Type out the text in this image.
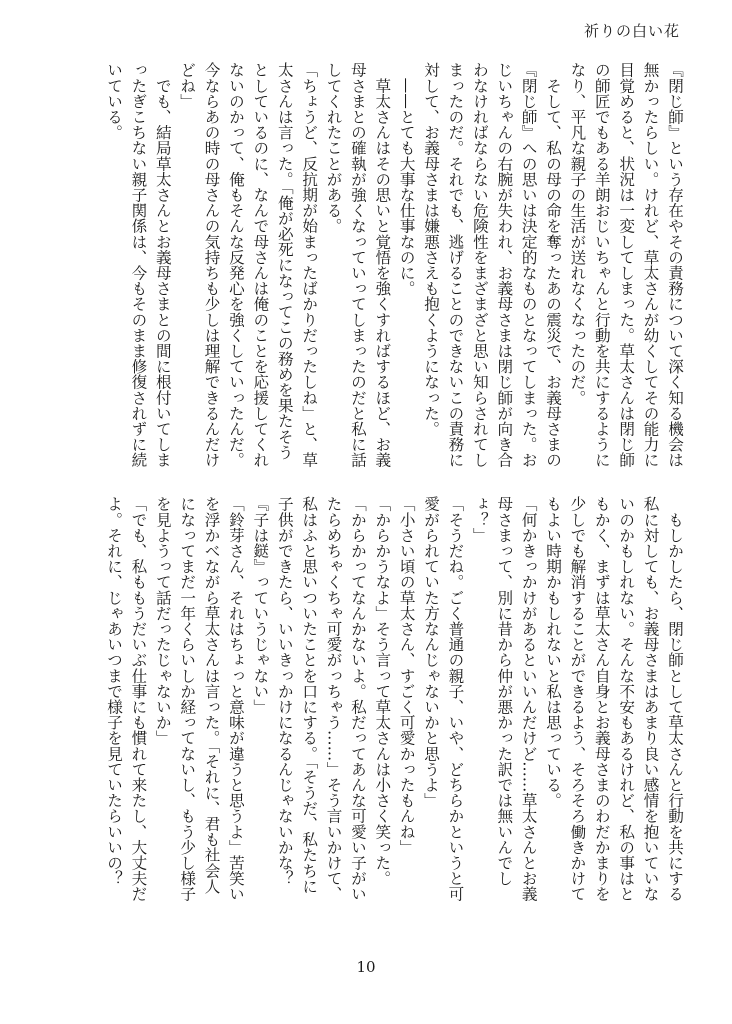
祈りの白い花
『閉じ師』という存在やその責務について深く知る機会は
無かったらしい。けれど、草太さんが幼くしてその能力に
目覚めると、状況は一変してしまった。草太さんは閉じ師
の師匠でもある羊朗おじいちゃんと行動を共にするように
なり、平凡な親子の生活が送れなくなったのだ。
　そして、私の母の命を奪ったあの震災で、お義母さまの
『閉じ師』への思いは決定的なものとなってしまった。お
じいちゃんの右腕が失われ、お義母さまは閉じ師が向き合
わなければならない危険性をまざまざと思い知らされてし
まったのだ。それでも、逃げることのできないこの責務に
対して、お義母さまは嫌悪さえも抱くようになった。
　——とても大事な仕事なのに。
　草太さんはその思いと覚悟を強くすればするほど、お義
母さまとの確執が強くなっていってしまったのだと私に話
してくれたことがある。
「ちょうど、反抗期が始まったばかりだったしね」と、草
太さんは言った。「俺が必死になってこの務めを果たそう
としているのに、なんで母さんは俺のことを応援してくれ
ないのかって、俺もそんな反発心を強くしていったんだ。
今ならあの時の母さんの気持ちも少しは理解できるんだけ
どね」
　でも、結局草太さんとお義母さまとの間に根付いてしま
ったぎこちない親子関係は、今もそのまま修復されずに続
いている。
　もしかしたら、閉じ師として草太さんと行動を共にする
私に対しても、お義母さまはあまり良い感情を抱いていな
いのかもしれない。そんな不安もあるけれど、私の事はと
もかく、まずは草太さん自身とお義母さまのわだかまりを
少しでも解消することができるよう、そろそろ働きかけて
もよい時期かもしれないと私は思っている。
「何かきっかけがあるといいんだけど……草太さんとお義
母さまって、別に昔から仲が悪かった訳では無いんでし
ょ？」
「そうだね。ごく普通の親子、いや、どちらかというと可
愛がられていた方なんじゃないかと思うよ」
「小さい頃の草太さん、すごく可愛かったもんね」
「からかうなよ」そう言って草太さんは小さく笑った。
「からかってなんかないよ。私だってあんな可愛い子がい
たらめちゃくちゃ可愛がっちゃう……」そう言いかけて、
私はふと思いついたことを口にする。「そうだ、私たちに
子供ができたら、いいきっかけになるんじゃないかな？
『子は鎹』っていうじゃない」
「鈴芽さん、それはちょっと意味が違うと思うよ」苦笑い
を浮かべながら草太さんは言った。「それに、君も社会人
になってまだ一年くらいしか経ってないし、もう少し様子
を見ようって話だったじゃないか」
「でも、私ももうだいぶ仕事にも慣れて来たし、大丈夫だ
よ。それに、じゃあいつまで様子を見ていたらいいの？
10
